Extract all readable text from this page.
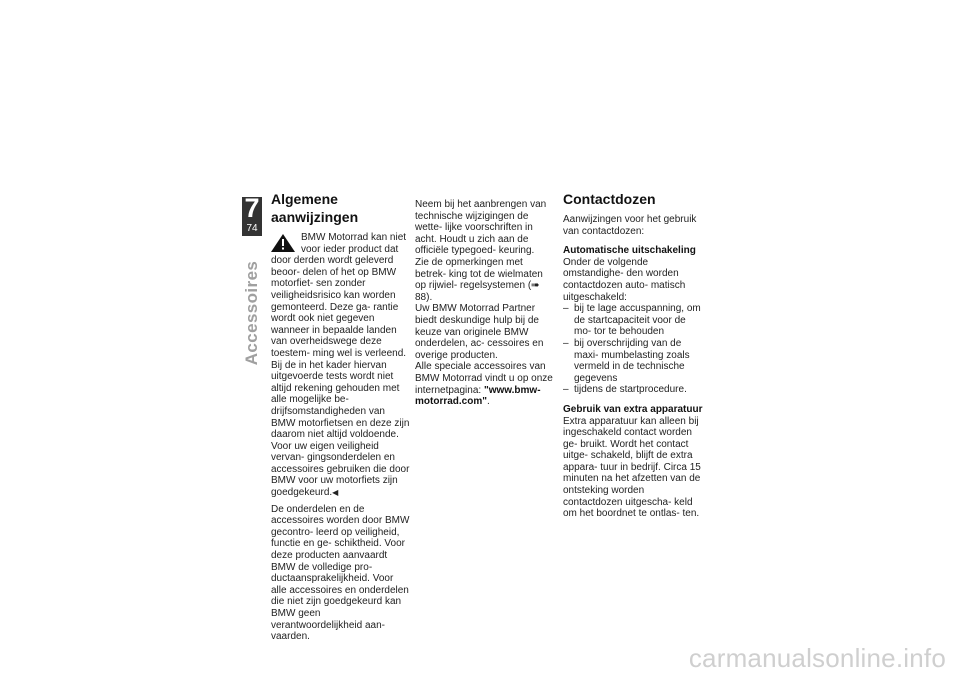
7
74
Accessoires
Algemene aanwijzingen

BMW Motorrad kan niet voor ieder product dat door derden wordt geleverd beoor- delen of het op BMW motorfiet- sen zonder veiligheidsrisico kan worden gemonteerd. Deze ga- rantie wordt ook niet gegeven wanneer in bepaalde landen van overheidswege deze toestem- ming wel is verleend. Bij de in het kader hiervan uitgevoerde tests wordt niet altijd rekening gehouden met alle mogelijke be- drijfsomstandigheden van BMW motorfietsen en deze zijn daarom niet altijd voldoende.

Voor uw eigen veiligheid vervan- gingsonderdelen en accessoires gebruiken die door BMW voor uw motorfiets zijn goedgekeurd.◀

De onderdelen en de accessoires worden door BMW gecontro- leerd op veiligheid, functie en ge- schiktheid. Voor deze producten aanvaardt BMW de volledige pro- ductaansprakelijkheid. Voor alle accessoires en onderdelen die niet zijn goedgekeurd kan BMW geen verantwoordelijkheid aan- vaarden.

Neem bij het aanbrengen van technische wijzigingen de wette- lijke voorschriften in acht. Houdt u zich aan de officiële typegoed- keuring.

Zie de opmerkingen met betrek- king tot de wielmaten op rijwiel- regelsystemen (➠ 88).

Uw BMW Motorrad Partner biedt deskundige hulp bij de keuze van originele BMW onderdelen, ac- cessoires en overige producten.

Alle speciale accessoires van BMW Motorrad vindt u op onze internetpagina: "www.bmw-motorrad.com".

Contactdozen

Aanwijzingen voor het gebruik van contactdozen:

Automatische uitschakeling

Onder de volgende omstandighe- den worden contactdozen auto- matisch uitgeschakeld:

– bij te lage accuspanning, om de startcapaciteit voor de mo- tor te behouden
– bij overschrijding van de maxi- mumbelasting zoals vermeld in de technische gegevens
– tijdens de startprocedure.
Gebruik van extra apparatuur

Extra apparatuur kan alleen bij ingeschakeld contact worden ge- bruikt. Wordt het contact uitge- schakeld, blijft de extra appara- tuur in bedrijf. Circa 15 minuten na het afzetten van de ontsteking worden contactdozen uitgescha- keld om het boordnet te ontlas- ten.

carmanualsonline.info
